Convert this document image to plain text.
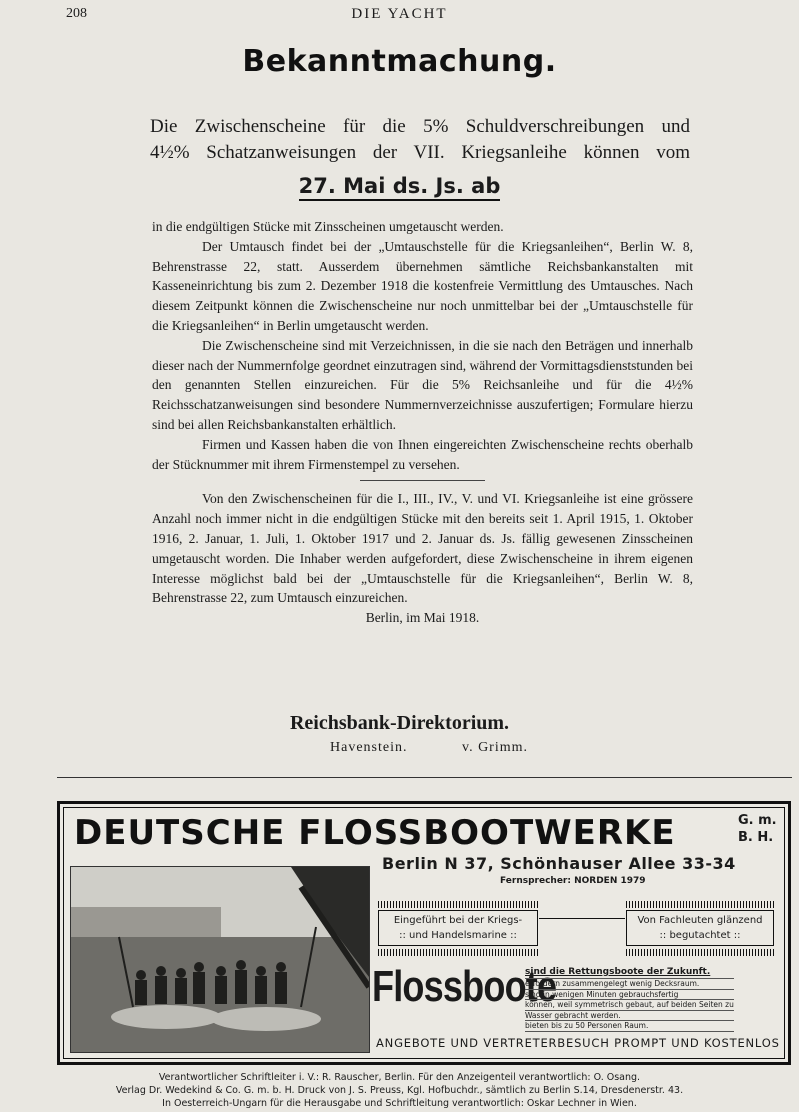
208	DIE YACHT
Bekanntmachung.

Die Zwischenscheine für die 5% Schuldverschreibungen und

4½% Schatzanweisungen der VII. Kriegsanleihe können vom

27. Mai ds. Js. ab

in die endgültigen Stücke mit Zinsscheinen umgetauscht werden.

Der Umtausch findet bei der „Umtauschstelle für die Kriegsanleihen“, Berlin W. 8, Behrenstrasse 22, statt. Ausserdem übernehmen sämtliche Reichsbankanstalten mit Kasseneinrichtung bis zum 2. Dezember 1918 die kostenfreie Vermittlung des Umtausches. Nach diesem Zeitpunkt können die Zwischenscheine nur noch unmittelbar bei der „Umtauschstelle für die Kriegsanleihen“ in Berlin umgetauscht werden.

Die Zwischenscheine sind mit Verzeichnissen, in die sie nach den Beträgen und innerhalb dieser nach der Nummernfolge geordnet einzutragen sind, während der Vormittagsdienststunden bei den genannten Stellen einzureichen. Für die 5% Reichsanleihe und für die 4½% Reichsschatzanweisungen sind besondere Nummernverzeichnisse auszufertigen; Formulare hierzu sind bei allen Reichsbankanstalten erhältlich.

Firmen und Kassen haben die von Ihnen eingereichten Zwischenscheine rechts oberhalb der Stücknummer mit ihrem Firmenstempel zu versehen.

Von den Zwischenscheinen für die I., III., IV., V. und VI. Kriegsanleihe ist eine grössere Anzahl noch immer nicht in die endgültigen Stücke mit den bereits seit 1. April 1915, 1. Oktober 1916, 2. Januar, 1. Juli, 1. Oktober 1917 und 2. Januar ds. Js. fällig gewesenen Zinsscheinen umgetauscht worden. Die Inhaber werden aufgefordert, diese Zwischenscheine in ihrem eigenen Interesse möglichst bald bei der „Umtauschstelle für die Kriegsanleihen“, Berlin W. 8, Behrenstrasse 22, zum Umtausch einzureichen.

Berlin, im Mai 1918.

Reichsbank-Direktorium.
Havenstein.	v. Grimm.
DEUTSCHE FLOSSBOOTWERKE	G. m.
B. H.
Berlin N 37, Schönhauser Allee 33-34
Fernsprecher: NORDEN 1979
Eingeführt bei der Kriegs-
:: und Handelsmarine ::
Von Fachleuten glänzend
:: begutachtet ::
Flossboote
sind die Rettungsboote der Zukunft.
erfordern zusammengelegt wenig Decksraum.
sind in wenigen Minuten gebrauchsfertig
können, weil symmetrisch gebaut, auf beiden Seiten zu
Wasser gebracht werden.
bieten bis zu 50 Personen Raum.
ANGEBOTE UND VERTRETERBESUCH PROMPT UND KOSTENLOS

Verantwortlicher Schriftleiter i. V.: R. Rauscher, Berlin. Für den Anzeigenteil verantwortlich: O. Osang.

Verlag Dr. Wedekind & Co. G. m. b. H. Druck von J. S. Preuss, Kgl. Hofbuchdr., sämtlich zu Berlin S.14, Dresdenerstr. 43.

In Oesterreich-Ungarn für die Herausgabe und Schriftleitung verantwortlich: Oskar Lechner in Wien.
